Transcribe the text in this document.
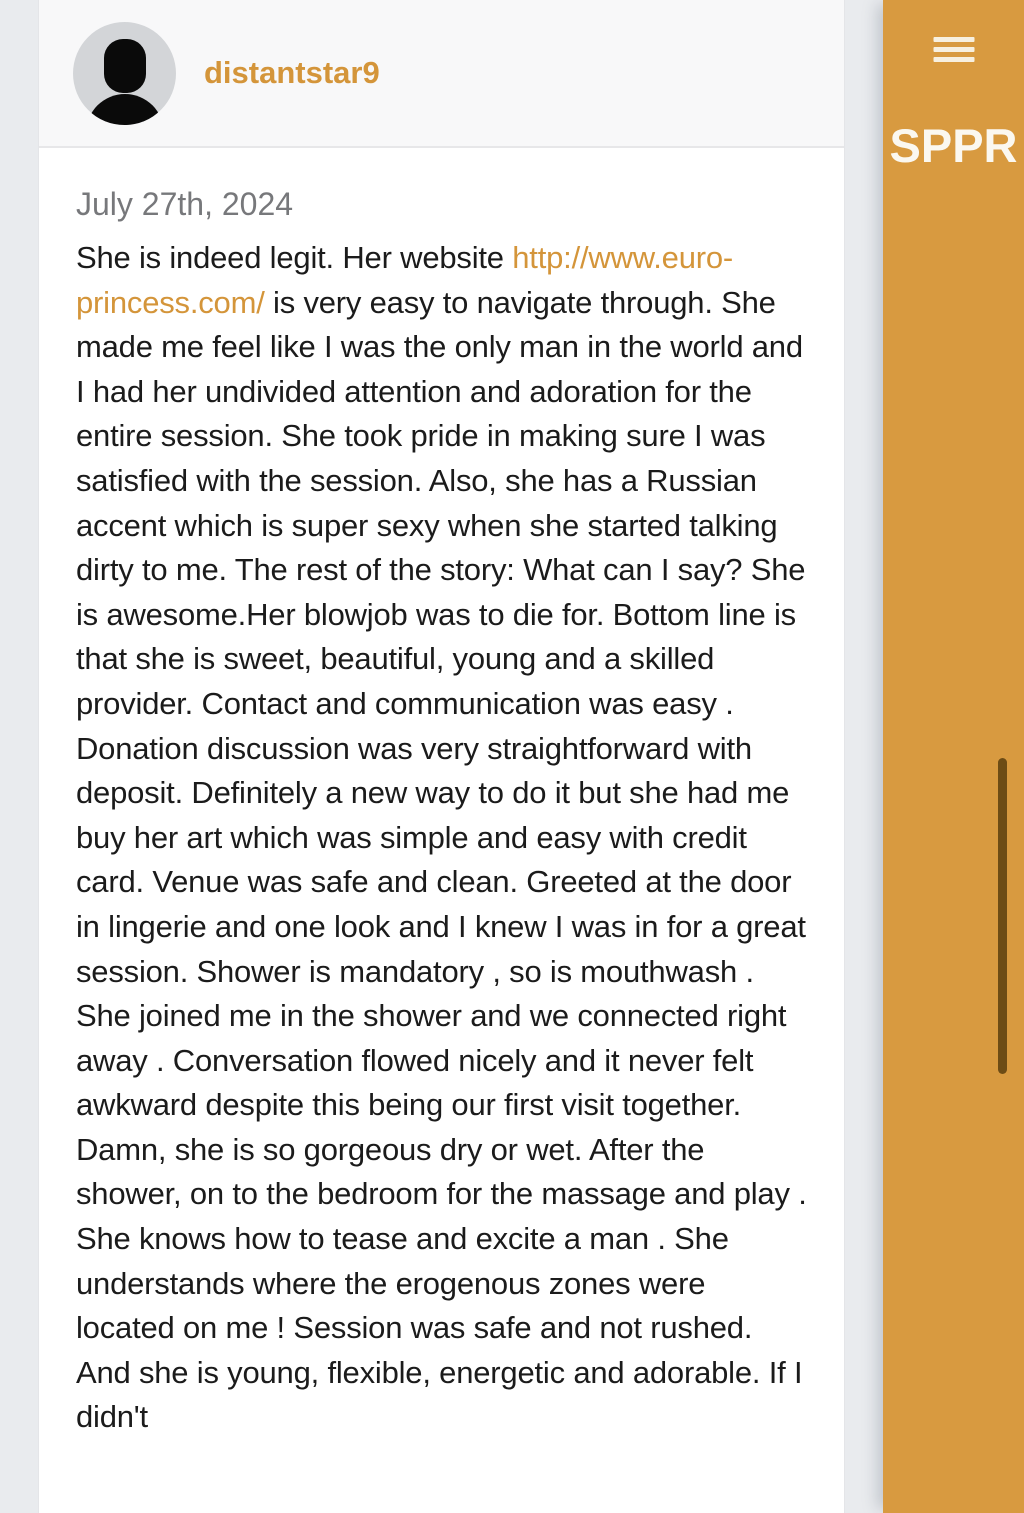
distantstar9
July 27th, 2024
She is indeed legit. Her website http://www.euro-princess.com/ is very easy to navigate through. She made me feel like I was the only man in the world and I had her undivided attention and adoration for the entire session. She took pride in making sure I was satisfied with the session. Also, she has a Russian accent which is super sexy when she started talking dirty to me. The rest of the story: What can I say? She is awesome.Her blowjob was to die for. Bottom line is that she is sweet, beautiful, young and a skilled provider. Contact and communication was easy . Donation discussion was very straightforward with deposit. Definitely a new way to do it but she had me buy her art which was simple and easy with credit card. Venue was safe and clean. Greeted at the door in lingerie and one look and I knew I was in for a great session. Shower is mandatory , so is mouthwash . She joined me in the shower and we connected right away . Conversation flowed nicely and it never felt awkward despite this being our first visit together. Damn, she is so gorgeous dry or wet. After the shower, on to the bedroom for the massage and play . She knows how to tease and excite a man . She understands where the erogenous zones were located on me ! Session was safe and not rushed. And she is young, flexible, energetic and adorable. If I didn't
SPPR
